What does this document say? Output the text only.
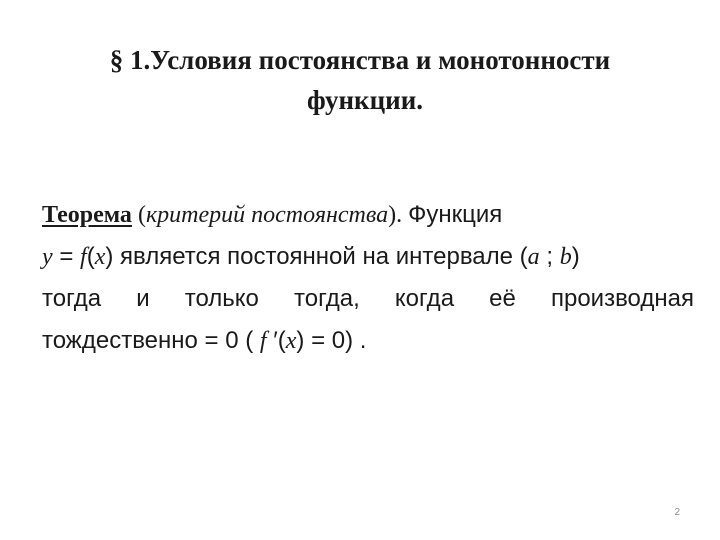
§ 1.Условия постоянства и монотонности
функции.
Теорема (критерий постоянства). Функция
y = f(x) является постоянной на интервале (a ; b)
тогда и только тогда, когда её производная
тождественно = 0 ( f ′(x) = 0) .
2
